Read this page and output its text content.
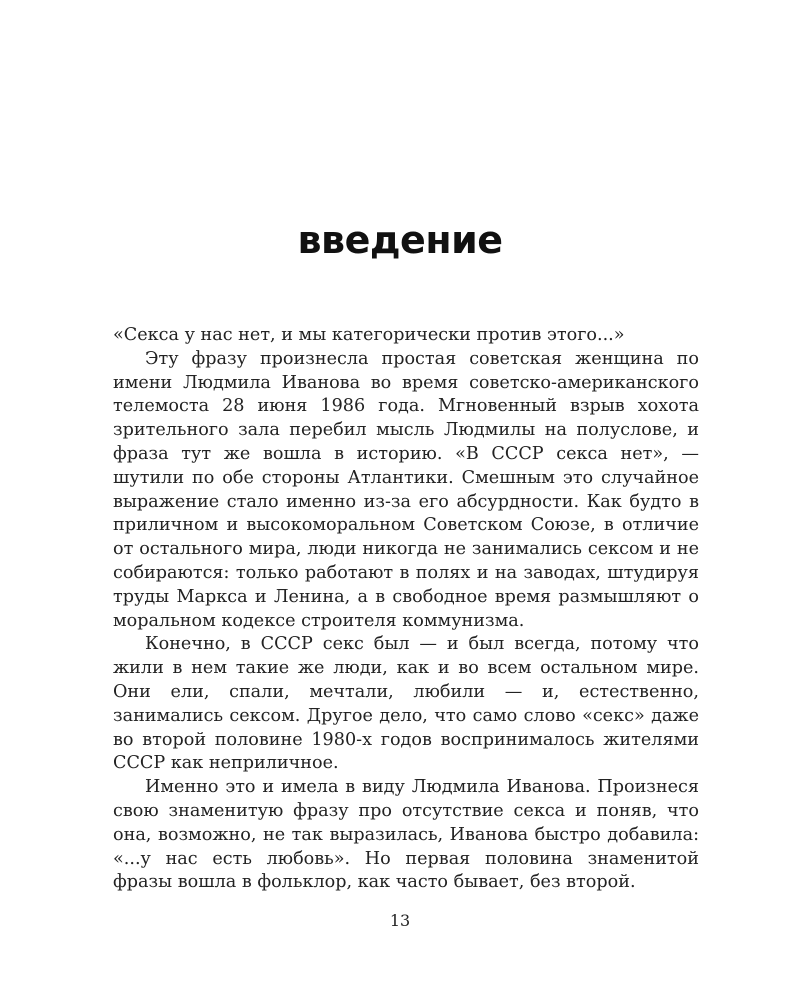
введение

«Секса у нас нет, и мы категорически против этого...»

Эту фразу произнесла простая советская женщина по имени Людмила Иванова во время советско-американского телемоста 28 июня 1986 года. Мгновенный взрыв хохота зрительного зала перебил мысль Людмилы на полуслове, и фраза тут же вошла в историю. «В СССР секса нет», — шутили по обе стороны Атлантики. Смешным это случайное выражение стало именно из-за его абсурдности. Как будто в приличном и высокоморальном Советском Союзе, в отличие от остального мира, люди никогда не занимались сексом и не собираются: только работают в полях и на заводах, штудируя труды Маркса и Ленина, а в свободное время размышляют о моральном кодексе строителя коммунизма.

Конечно, в СССР секс был — и был всегда, потому что жили в нем такие же люди, как и во всем остальном мире. Они ели, спали, мечтали, любили — и, естественно, занимались сексом. Другое дело, что само слово «секс» даже во второй половине 1980-х годов воспринималось жителями СССР как неприличное.

Именно это и имела в виду Людмила Иванова. Произнеся свою знаменитую фразу про отсутствие секса и поняв, что она, возможно, не так выразилась, Иванова быстро добавила: «...у нас есть любовь». Но первая половина знаменитой фразы вошла в фольклор, как часто бывает, без второй.

13
